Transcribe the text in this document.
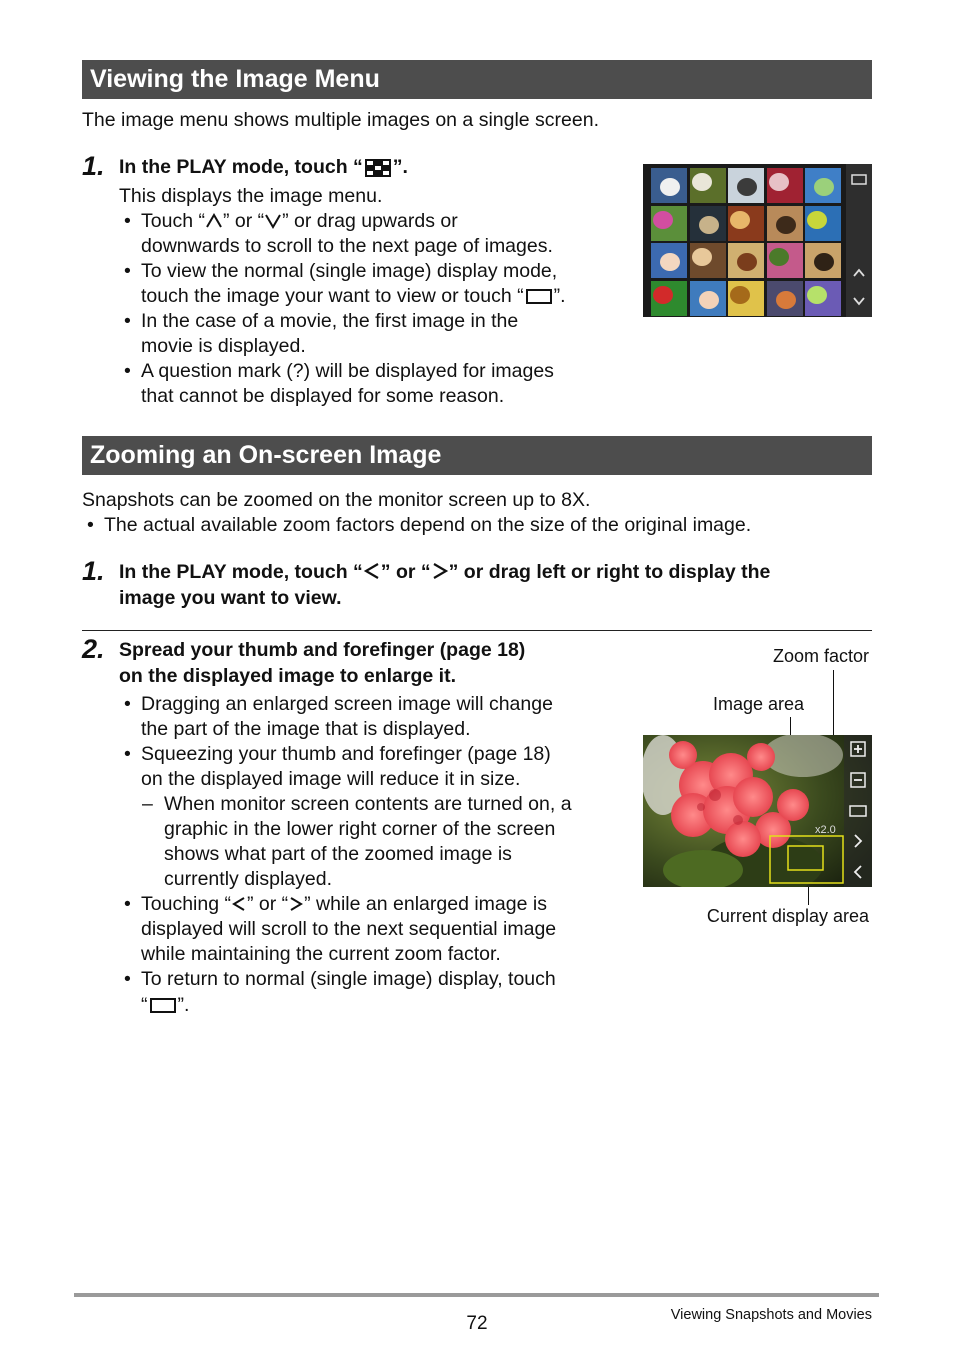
Viewing the Image Menu
The image menu shows multiple images on a single screen.
1. In the PLAY mode, touch “ ”.
This displays the image menu.
• Touch “ ” or “ ” or drag upwards or
downwards to scroll to the next page of images.
• To view the normal (single image) display mode,
touch the image your want to view or touch “ ”.
• In the case of a movie, the first image in the
movie is displayed.
• A question mark (?) will be displayed for images
that cannot be displayed for some reason.
Zooming an On-screen Image
Snapshots can be zoomed on the monitor screen up to 8X.
• The actual available zoom factors depend on the size of the original image.
1. In the PLAY mode, touch “ ” or “ ” or drag left or right to display the
image you want to view.
2. Spread your thumb and forefinger (page 18)
on the displayed image to enlarge it.
• Dragging an enlarged screen image will change
the part of the image that is displayed.
• Squeezing your thumb and forefinger (page 18)
on the displayed image will reduce it in size.
– When monitor screen contents are turned on, a
graphic in the lower right corner of the screen
shows what part of the zoomed image is
currently displayed.
• Touching “ ” or “ ” while an enlarged image is
displayed will scroll to the next sequential image
while maintaining the current zoom factor.
• To return to normal (single image) display, touch
“ ”.
Zoom factor
Image area
x2.0
Current display area
72	Viewing Snapshots and Movies
